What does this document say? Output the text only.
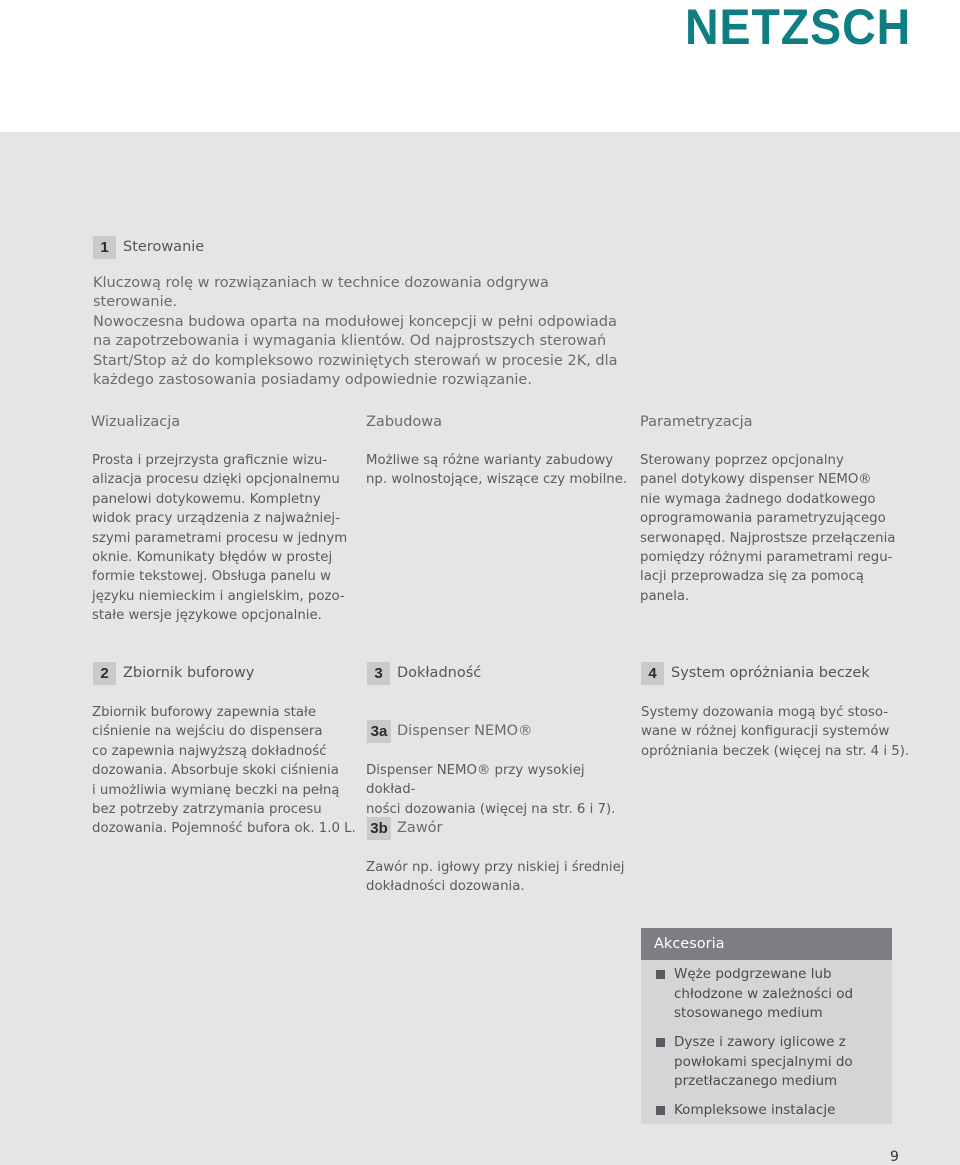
NETZSCH
1 Sterowanie
Kluczową rolę w rozwiązaniach w technice dozowania odgrywa sterowanie.
Nowoczesna budowa oparta na modułowej koncepcji w pełni odpowiada
na zapotrzebowania i wymagania klientów. Od najprostszych sterowań
Start/Stop aż do kompleksowo rozwiniętych sterowań w procesie 2K, dla
każdego zastosowania posiadamy odpowiednie rozwiązanie.
Wizualizacja	Zabudowa	Parametryzacja
Prosta i przejrzysta graficznie wizu-
alizacja procesu dzięki opcjonalnemu
panelowi dotykowemu. Kompletny
widok pracy urządzenia z najważniej-
szymi parametrami procesu w jednym
oknie. Komunikaty błędów w prostej
formie tekstowej. Obsługa panelu w
języku niemieckim i angielskim, pozo-
stałe wersje językowe opcjonalnie.
Możliwe są różne warianty zabudowy
np. wolnostojące, wiszące czy mobilne.
Sterowany poprzez opcjonalny
panel dotykowy dispenser NEMO®
nie wymaga żadnego dodatkowego
oprogramowania parametryzującego
serwonapęd. Najprostsze przełączenia
pomiędzy różnymi parametrami regu-
lacji przeprowadza się za pomocą
panela.
2 Zbiornik buforowy
Zbiornik buforowy zapewnia stałe
ciśnienie na wejściu do dispensera
co zapewnia najwyższą dokładność
dozowania. Absorbuje skoki ciśnienia
i umożliwia wymianę beczki na pełną
bez potrzeby zatrzymania procesu
dozowania. Pojemność bufora ok. 1.0 L.
3 Dokładność
3a Dispenser NEMO®
Dispenser NEMO® przy wysokiej dokład-
ności dozowania (więcej na str. 6 i 7).
3b Zawór
Zawór np. igłowy przy niskiej i średniej
dokładności dozowania.
4 System opróżniania beczek
Systemy dozowania mogą być stoso-
wane w różnej konfiguracji systemów
opróżniania beczek (więcej na str. 4 i 5).
Akcesoria
Węże podgrzewane lub
chłodzone w zależności od
stosowanego medium
Dysze i zawory iglicowe z
powłokami specjalnymi do
przetłaczanego medium
Kompleksowe instalacje
9
